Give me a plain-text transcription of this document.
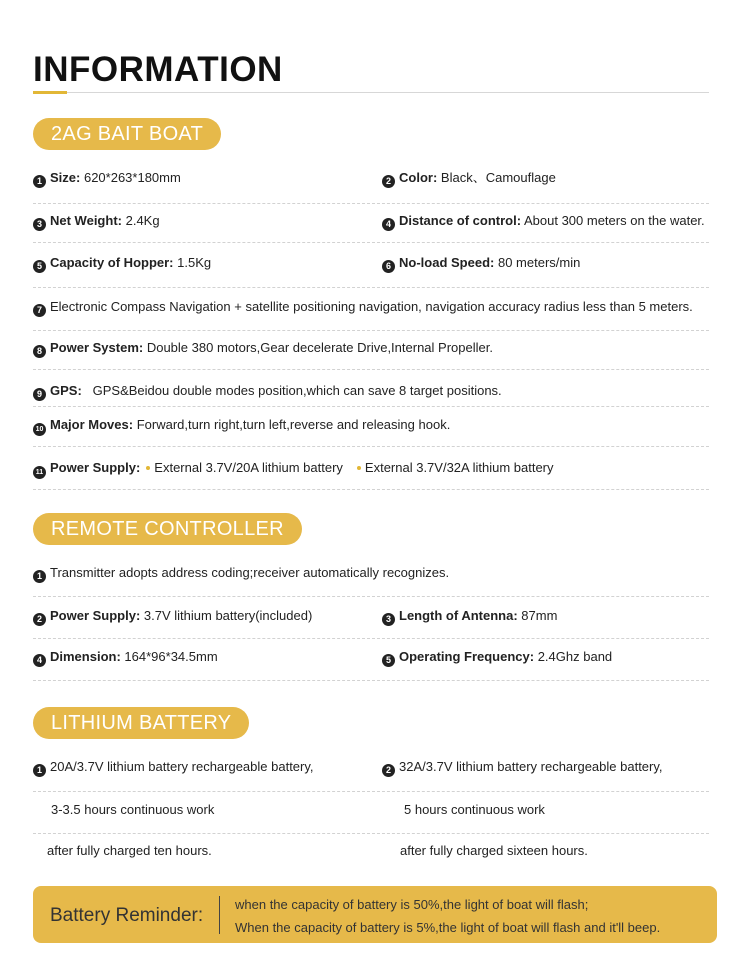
INFORMATION
2AG BAIT BOAT
1 Size: 620*263*180mm	2 Color: Black、Camouflage
3 Net Weight: 2.4Kg	4 Distance of control: About 300 meters on the water.
5 Capacity of Hopper: 1.5Kg	6 No-load Speed: 80 meters/min
7 Electronic Compass Navigation + satellite positioning navigation, navigation accuracy radius less than 5 meters.
8 Power System: Double 380 motors,Gear decelerate Drive,Internal Propeller.
9 GPS: GPS&Beidou double modes position,which can save 8 target positions.
10 Major Moves: Forward,turn right,turn left,reverse and releasing hook.
11 Power Supply: External 3.7V/20A lithium battery External 3.7V/32A lithium battery
REMOTE CONTROLLER
1 Transmitter adopts address coding;receiver automatically recognizes.
2 Power Supply: 3.7V lithium battery(included)	3 Length of Antenna: 87mm
4 Dimension: 164*96*34.5mm	5 Operating Frequency: 2.4Ghz band
LITHIUM BATTERY
1 20A/3.7V lithium battery rechargeable battery,	2 32A/3.7V lithium battery rechargeable battery,
3-3.5 hours continuous work	5 hours continuous work
after fully charged ten hours.	after fully charged sixteen hours.
Battery Reminder:
when the capacity of battery is 50%,the light of boat will flash;
When the capacity of battery is 5%,the light of boat will flash and it'll beep.
